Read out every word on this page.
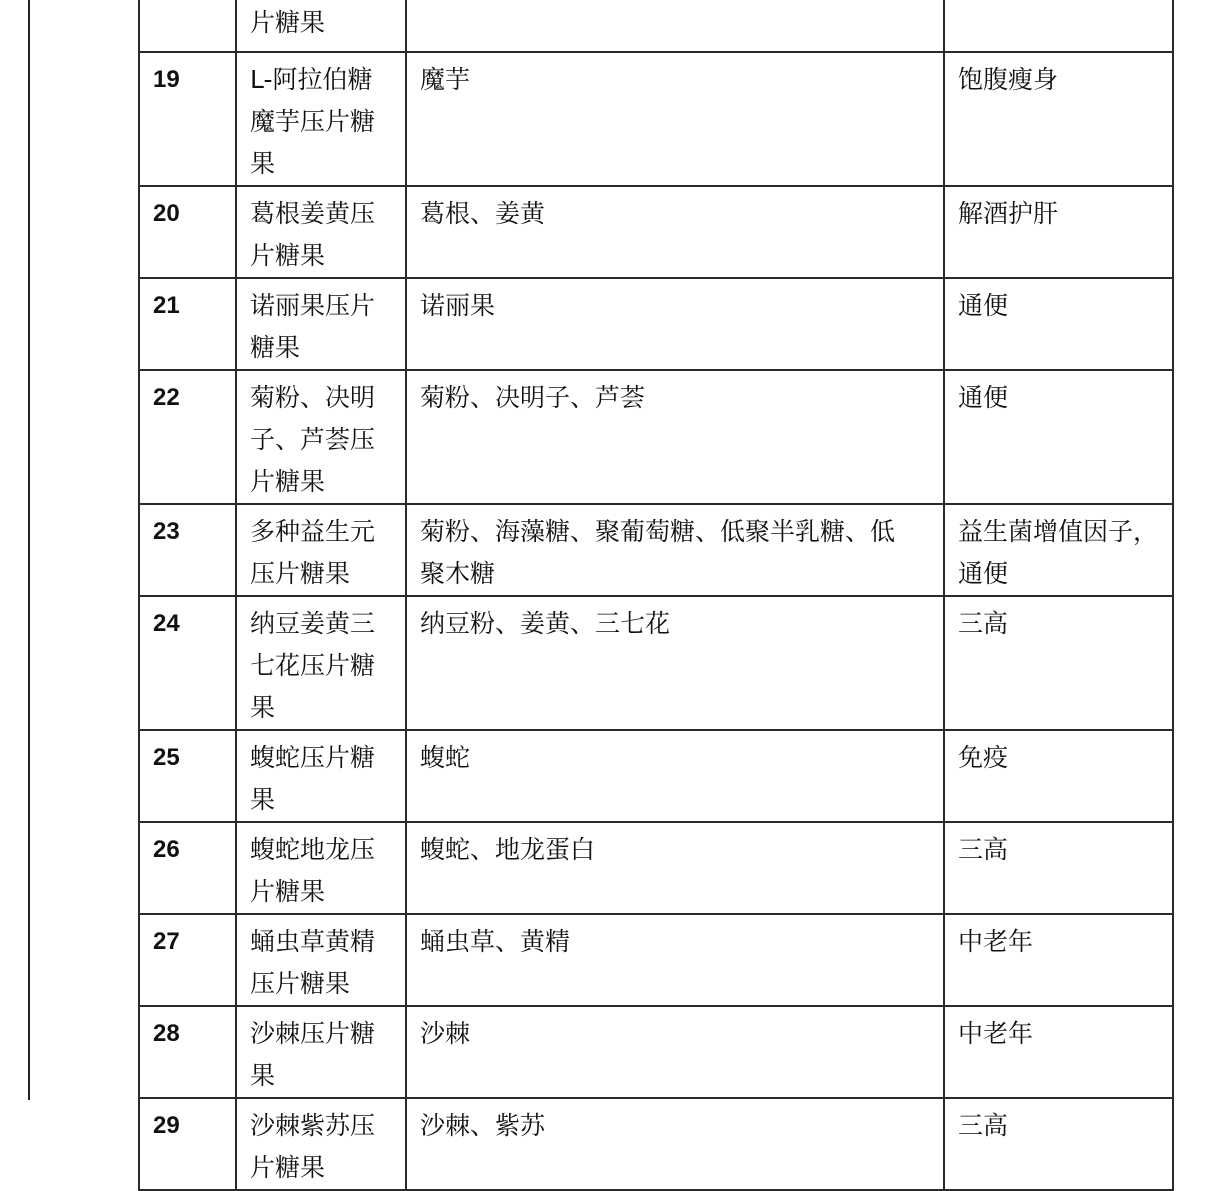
	片糖果		

19	L-阿拉伯糖魔芋压片糖果	魔芋	饱腹瘦身
20	葛根姜黄压片糖果	葛根、姜黄	解酒护肝
21	诺丽果压片糖果	诺丽果	通便
22	菊粉、决明子、芦荟压片糖果	菊粉、决明子、芦荟	通便
23	多种益生元压片糖果	菊粉、海藻糖、聚葡萄糖、低聚半乳糖、低聚木糖	益生菌增值因子，通便
24	纳豆姜黄三七花压片糖果	纳豆粉、姜黄、三七花	三高
25	蝮蛇压片糖果	蝮蛇	免疫
26	蝮蛇地龙压片糖果	蝮蛇、地龙蛋白	三高
27	蛹虫草黄精压片糖果	蛹虫草、黄精	中老年
28	沙棘压片糖果	沙棘	中老年
29	沙棘紫苏压片糖果	沙棘、紫苏	三高
